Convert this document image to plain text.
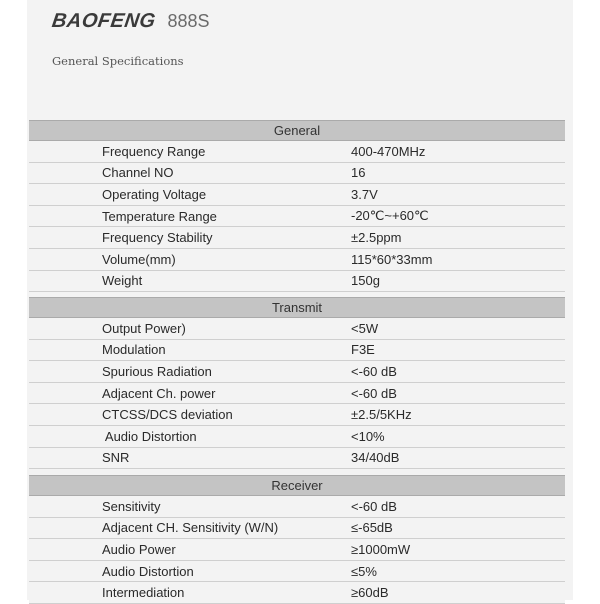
BAOFENG 888S
General Specifications
General
Frequency Range	400-470MHz
Channel NO	16
Operating Voltage	3.7V
Temperature Range	-20℃~+60℃
Frequency Stability	±2.5ppm
Volume(mm)	115*60*33mm
Weight	150g
Transmit
Output Power)	<5W
Modulation	F3E
Spurious Radiation	<-60 dB
Adjacent Ch. power	<-60 dB
CTCSS/DCS deviation	±2.5/5KHz
Audio Distortion	<10%
SNR	34/40dB
Receiver
Sensitivity	<-60 dB
Adjacent CH. Sensitivity (W/N)	≤-65dB
Audio Power	≥1000mW
Audio Distortion	≤5%
Intermediation	≥60dB
